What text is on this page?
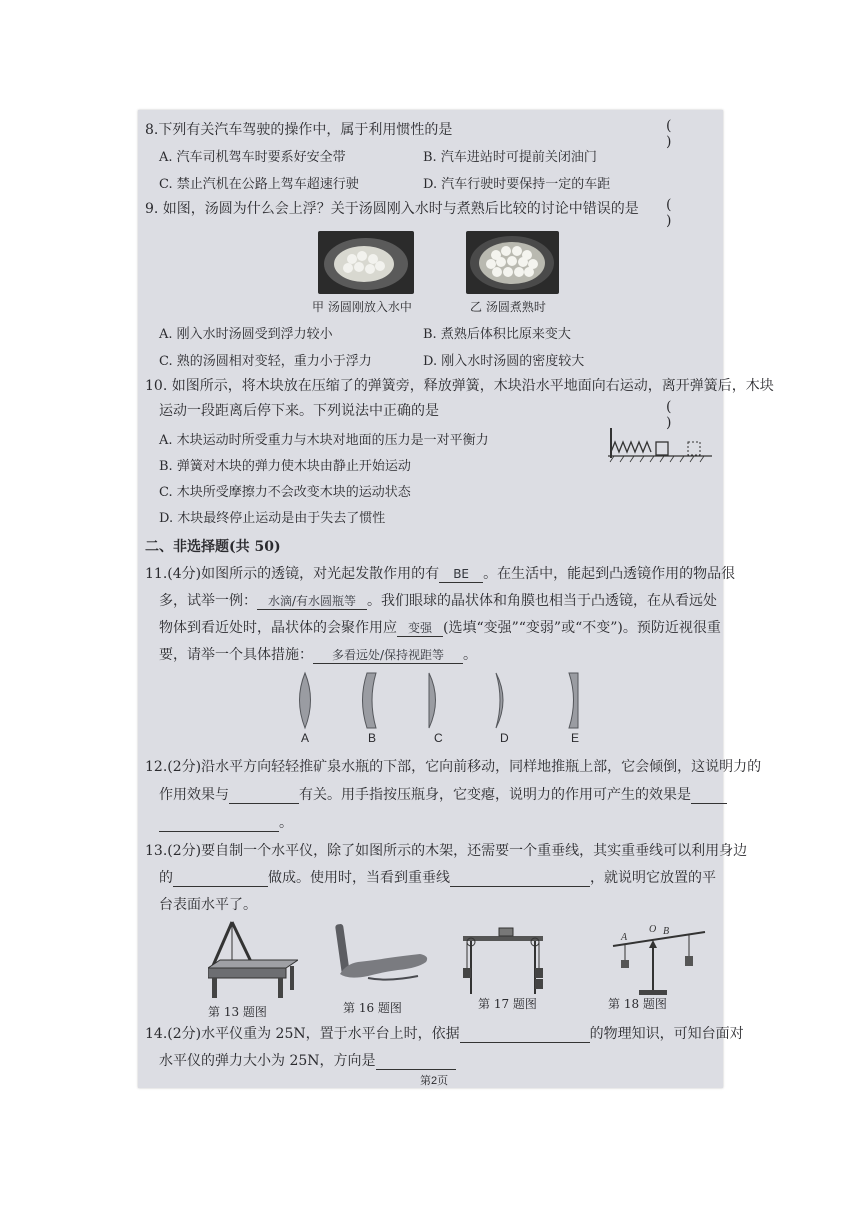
8.下列有关汽车驾驶的操作中，属于利用惯性的是	( )
A. 汽车司机驾车时要系好安全带	B. 汽车进站时可提前关闭油门
C. 禁止汽机在公路上驾车超速行驶	D. 汽车行驶时要保持一定的车距
9. 如图，汤圆为什么会上浮？关于汤圆刚入水时与煮熟后比较的讨论中错误的是 ( )
甲 汤圆刚放入水中	乙 汤圆煮熟时
A. 刚入水时汤圆受到浮力较小	B. 煮熟后体积比原来变大
C. 熟的汤圆相对变轻，重力小于浮力	D. 刚入水时汤圆的密度较大
10. 如图所示，将木块放在压缩了的弹簧旁，释放弹簧，木块沿水平地面向右运动，离开弹簧后，木块
运动一段距离后停下来。下列说法中正确的是	( )
A. 木块运动时所受重力与木块对地面的压力是一对平衡力
B. 弹簧对木块的弹力使木块由静止开始运动
C. 木块所受摩擦力不会改变木块的运动状态
D. 木块最终停止运动是由于失去了惯性
二、非选择题(共 50)
11.(4分)如图所示的透镜，对光起发散作用的有 BE 。在生活中，能起到凸透镜作用的物品很
多，试举一例： 水滴/有水圆瓶等 。我们眼球的晶状体和角膜也相当于凸透镜，在从看远处
物体到看近处时，晶状体的会聚作用应 变强 (选填“变强”“变弱”或“不变”)。预防近视很重
要，请举一个具体措施： 多看远处/保持视距等 。
A	B	C	D	E
12.(2分)沿水平方向轻轻推矿泉水瓶的下部，它向前移动，同样地推瓶上部，它会倾倒，这说明力的
作用效果与	有关。用手指按压瓶身，它变瘪，说明力的作用可产生的效果是
。
13.(2分)要自制一个水平仪，除了如图所示的木架，还需要一个重垂线，其实重垂线可以利用身边
的	做成。使用时，当看到重垂线	，就说明它放置的平
台表面水平了。
第 13 题图	第 16 题图	第 17 题图
A
O B
第 18 题图
14.(2分)水平仪重为 25N，置于水平台上时，依据	的物理知识，可知台面对
水平仪的弹力大小为 25N，方向是
第2页
